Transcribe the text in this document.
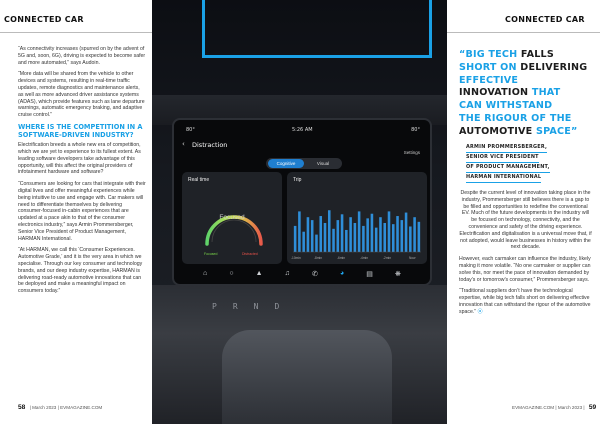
CONNECTED CAR

“As connectivity increases (spurred on by the advent of 5G and, soon, 6G), driving is expected to become safer and more automated,” says Audoin.

“More data will be shared from the vehicle to other devices and systems, resulting in real-time traffic updates, remote diagnostics and maintenance alerts, as well as more advanced driver assistance systems (ADAS), which provide features such as lane departure warnings, automatic emergency braking, and adaptive cruise control.”

WHERE IS THE COMPETITION IN A SOFTWARE-DRIVEN INDUSTRY?

Electrification breeds a whole new era of competition, which we are yet to experience to its fullest extent. As leading software developers take advantage of this opportunity, will this affect the original providers of infotainment hardware and software?

“Consumers are looking for cars that integrate with their digital lives and offer meaningful experiences while being intuitive to use and engage with. Car makers will need to differentiate themselves by delivering consumer-focused in-cabin experiences that are updated at a pace akin to that of the consumer electronics industry,” says Armin Prommersberger, Senior Vice President of Product Management, HARMAN International.

“At HARMAN, we call this ‘Consumer Experiences. Automotive Grade,’ and it is the very area in which we specialise. Through our key consumer and technology brands, and our deep industry expertise, HARMAN is delivering road-ready automotive innovations that can be deployed and make a meaningful impact on consumers today.”

58 | March 2023 | EVMAGAZINE.COM
P R N D
80°	5:26 AM	80°
‹ Distraction
Settings
Cognitive	Visual
Real time
Focused
Focused	Distracted
Trip
-10min	-8min	-6min	-4min	-2min	Now
⌂	○	▲	♫	✆	◕	▤	❋
CONNECTED CAR
“BIG TECH FALLS
SHORT ON DELIVERING
EFFECTIVE
INNOVATION THAT
CAN WITHSTAND
THE RIGOUR OF THE
AUTOMOTIVE SPACE”
ARMIN PROMMERSBERGER,
SENIOR VICE PRESIDENT
OF PRODUCT MANAGEMENT,
HARMAN INTERNATIONAL

Despite the current level of innovation taking place in the industry, Prommersberger still believes there is a gap to be filled and opportunities to redefine the conventional EV. Much of the future developments in the industry will be focused on technology, connectivity, and the convenience and safety of the driving experience. Electrification and digitalisation is a universal move that, if not adopted, would leave businesses in history within the next decade.

However, each carmaker can influence the industry, likely making it more volatile. “No one carmaker or supplier can solve this, nor meet the pace of innovation demanded by today’s or tomorrow’s consumer,” Prommersberger says.

“Traditional suppliers don’t have the technological expertise, while big tech falls short on delivering effective innovation that can withstand the rigour of the automotive space.” ⦿

EVMAGAZINE.COM | March 2023 | 59
